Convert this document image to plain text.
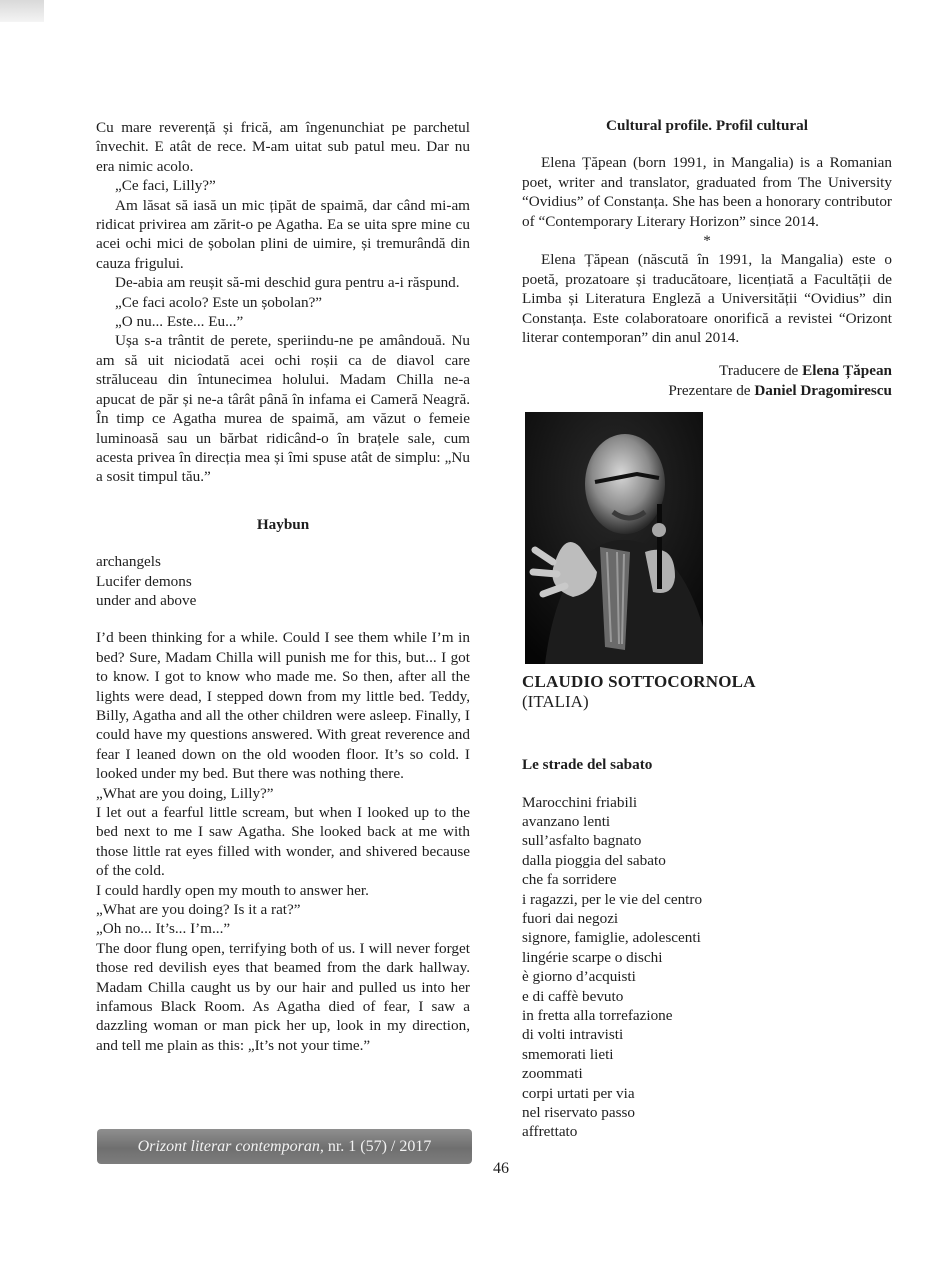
Cu mare reverență și frică, am îngenunchiat pe parchetul învechit. E atât de rece. M-am uitat sub patul meu. Dar nu era nimic acolo.

„Ce faci, Lilly?”

Am lăsat să iasă un mic țipăt de spaimă, dar când mi-am ridicat privirea am zărit-o pe Agatha. Ea se uita spre mine cu acei ochi mici de șobolan plini de uimire, și tremurândă din cauza frigului.

De-abia am reușit să-mi deschid gura pentru a-i răspund.

„Ce faci acolo? Este un șobolan?”

„O nu... Este... Eu...”

Ușa s-a trântit de perete, speriindu-ne pe amândouă. Nu am să uit niciodată acei ochi roșii ca de diavol care străluceau din întunecimea holului. Madam Chilla ne-a apucat de păr și ne-a târât până în infama ei Cameră Neagră. În timp ce Agatha murea de spaimă, am văzut o femeie luminoasă sau un bărbat ridicând-o în brațele sale, cum acesta privea în direcția mea și îmi spuse atât de simplu: „Nu a sosit timpul tău.”

Haybun

archangels
Lucifer demons
under and above

I’d been thinking for a while. Could I see them while I’m in bed? Sure, Madam Chilla will punish me for this, but... I got to know. I got to know who made me. So then, after all the lights were dead, I stepped down from my little bed. Teddy, Billy, Agatha and all the other children were asleep. Finally, I could have my questions answered. With great reverence and fear I leaned down on the old wooden floor. It’s so cold. I looked under my bed. But there was nothing there.

„What are you doing, Lilly?”

I let out a fearful little scream, but when I looked up to the bed next to me I saw Agatha. She looked back at me with those little rat eyes filled with wonder, and shivered because of the cold.

I could hardly open my mouth to answer her.

„What are you doing? Is it a rat?”

„Oh no... It’s... I’m...”

The door flung open, terrifying both of us. I will never forget those red devilish eyes that beamed from the dark hallway. Madam Chilla caught us by our hair and pulled us into her infamous Black Room. As Agatha died of fear, I saw a dazzling woman or man pick her up, look in my direction, and tell me plain as this: „It’s not your time.”

Cultural profile. Profil cultural

Elena Țăpean (born 1991, in Mangalia) is a Romanian poet, writer and translator, graduated from The University “Ovidius” of Constanța. She has been a honorary contributor of “Contemporary Literary Horizon” since 2014.

*

Elena Țăpean (născută în 1991, la Mangalia) este o poetă, prozatoare și traducătoare, licențiată a Facultății de Limba și Literatura Engleză a Universității “Ovidius” din Constanța. Este colaboratoare onorifică a revistei “Orizont literar contemporan” din anul 2014.

Traducere de Elena Țăpean

Prezentare de Daniel Dragomirescu

CLAUDIO SOTTOCORNOLA
(ITALIA)

Le strade del sabato

Marocchini friabili
avanzano lenti
sull’asfalto bagnato
dalla pioggia del sabato
che fa sorridere
i ragazzi, per le vie del centro
fuori dai negozi
signore, famiglie, adolescenti
lingérie scarpe o dischi
è giorno d’acquisti
e di caffè bevuto
in fretta alla torrefazione
di volti intravisti
smemorati lieti
zoommati
corpi urtati per via
nel riservato passo
affrettato
Orizont literar contemporan, nr. 1 (57) / 2017
46
